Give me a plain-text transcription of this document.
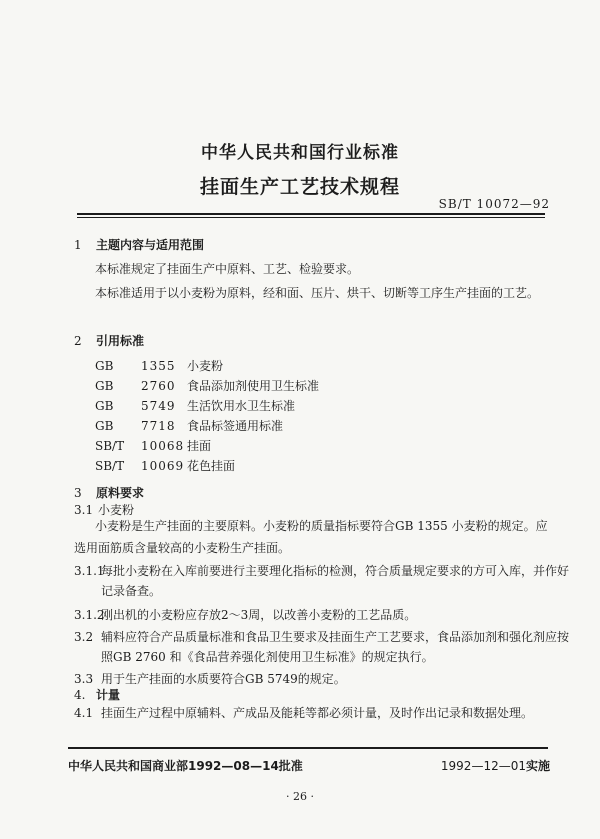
中华人民共和国行业标准
挂面生产工艺技术规程
SB/T 10072—92
1 主题内容与适用范围
本标准规定了挂面生产中原料、工艺、检验要求。
本标准适用于以小麦粉为原料，经和面、压片、烘干、切断等工序生产挂面的工艺。
2 引用标准
GB 1355 小麦粉
GB 2760 食品添加剂使用卫生标准
GB 5749 生活饮用水卫生标准
GB 7718 食品标签通用标准
SB/T 10068 挂面
SB/T 10069 花色挂面
3 原料要求
3.1 小麦粉
小麦粉是生产挂面的主要原料。小麦粉的质量指标要符合GB 1355 小麦粉的规定。应选用面筋质含量较高的小麦粉生产挂面。
3.1.1
每批小麦粉在入库前要进行主要理化指标的检测，符合质量规定要求的方可入库，并作好记录备查。
3.1.2
刚出机的小麦粉应存放2～3周，以改善小麦粉的工艺品质。
3.2 辅料应符合产品质量标准和食品卫生要求及挂面生产工艺要求，食品添加剂和强化剂应按照GB 2760 和《食品营养强化剂使用卫生标准》的规定执行。
3.3 用于生产挂面的水质要符合GB 5749的规定。
4. 计量
4.1 挂面生产过程中原辅料、产成品及能耗等都必须计量，及时作出记录和数据处理。
中华人民共和国商业部1992—08—14批准	1992—12—01实施
· 26 ·
